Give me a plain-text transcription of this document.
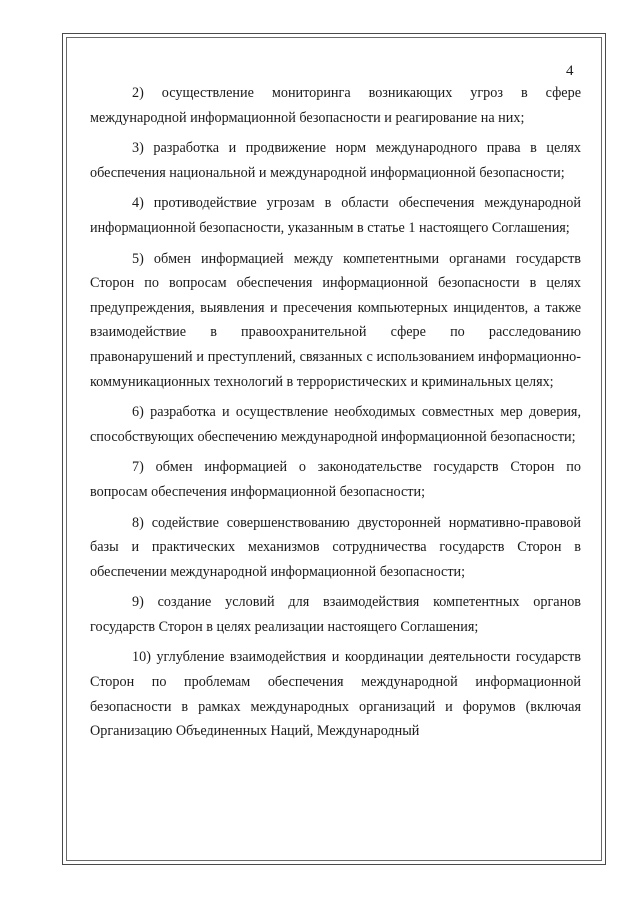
4

2) осуществление мониторинга возникающих угроз в сфере международной информационной безопасности и реагирование на них;

3) разработка и продвижение норм международного права в целях обеспечения национальной и международной информационной безопасности;

4) противодействие угрозам в области обеспечения международной информационной безопасности, указанным в статье 1 настоящего Соглашения;

5) обмен информацией между компетентными органами государств Сторон по вопросам обеспечения информационной безопасности в целях предупреждения, выявления и пресечения компьютерных инцидентов, а также взаимодействие в правоохранительной сфере по расследованию правонарушений и преступлений, связанных с использованием информационно-коммуникационных технологий в террористических и криминальных целях;

6) разработка и осуществление необходимых совместных мер доверия, способствующих обеспечению международной информационной безопасности;

7) обмен информацией о законодательстве государств Сторон по вопросам обеспечения информационной безопасности;

8) содействие совершенствованию двусторонней нормативно-правовой базы и практических механизмов сотрудничества государств Сторон в обеспечении международной информационной безопасности;

9) создание условий для взаимодействия компетентных органов государств Сторон в целях реализации настоящего Соглашения;

10) углубление взаимодействия и координации деятельности государств Сторон по проблемам обеспечения международной информационной безопасности в рамках международных организаций и форумов (включая Организацию Объединенных Наций, Международный
